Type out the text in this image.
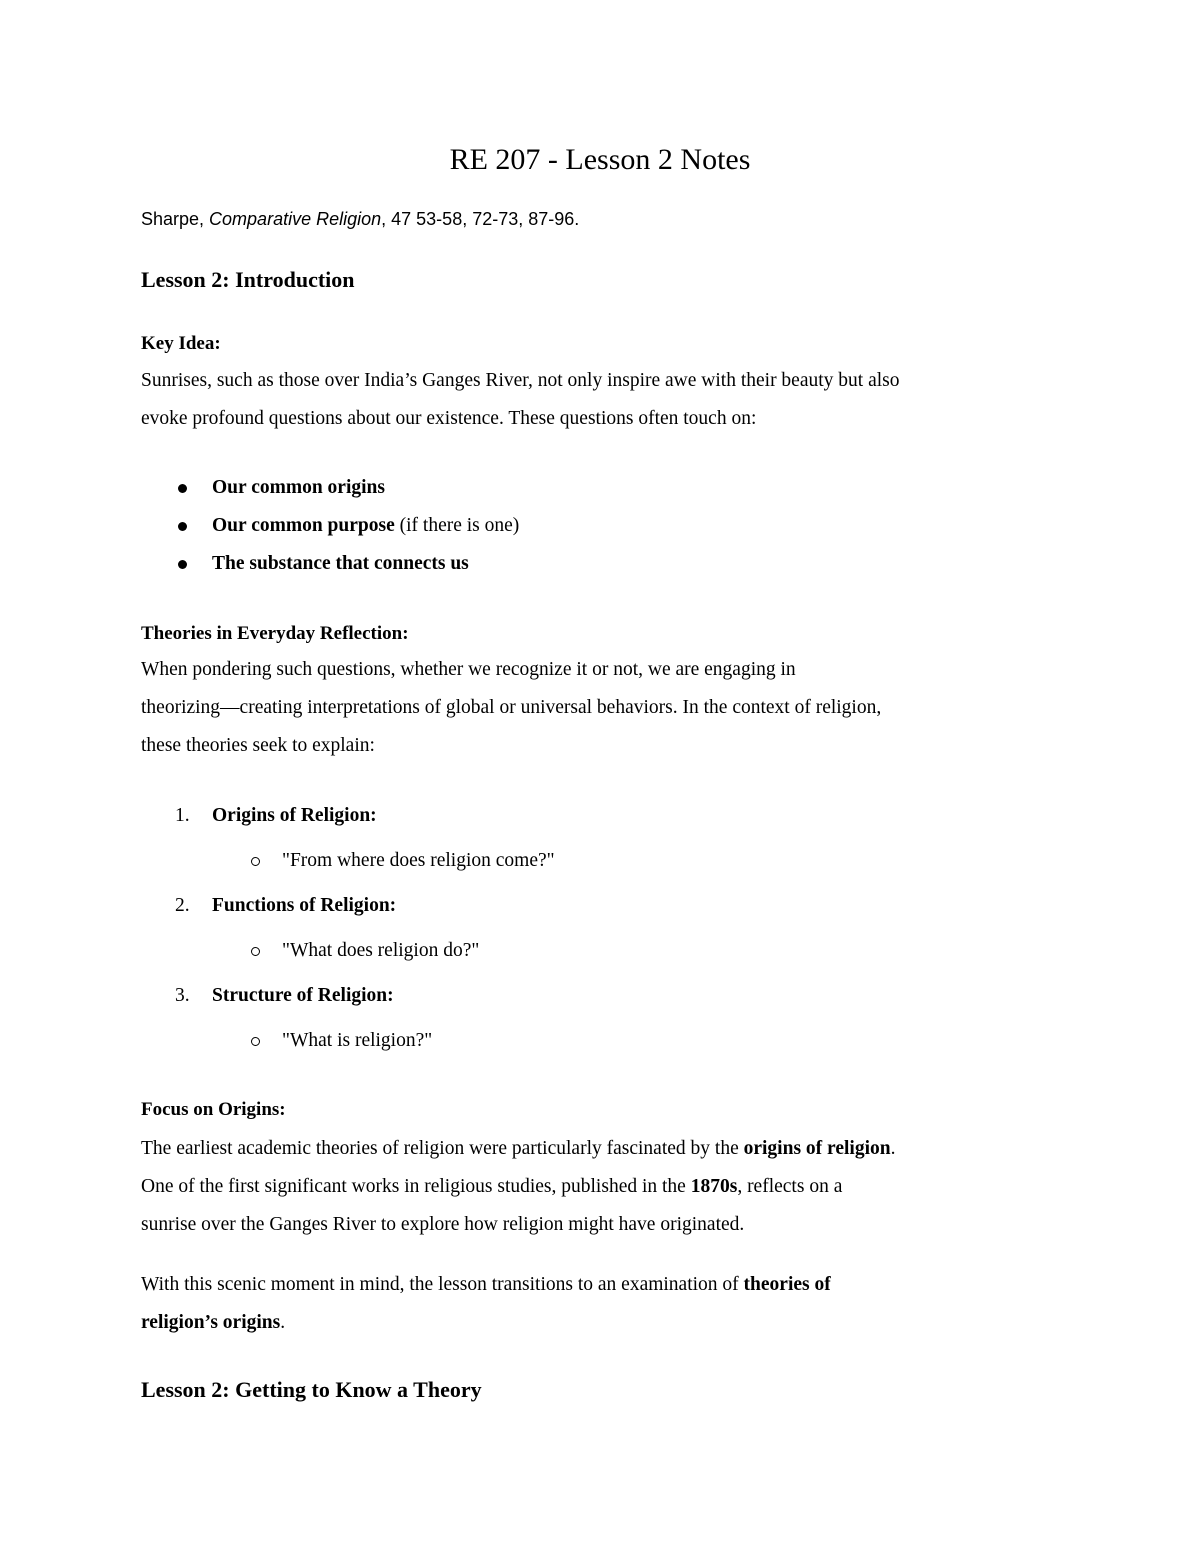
RE 207 - Lesson 2 Notes

Sharpe, Comparative Religion, 47 53-58, 72-73, 87-96.

Lesson 2: Introduction
Key Idea:

Sunrises, such as those over India’s Ganges River, not only inspire awe with their beauty but also
evoke profound questions about our existence. These questions often touch on:

Our common origins
Our common purpose (if there is one)
The substance that connects us
Theories in Everyday Reflection:

When pondering such questions, whether we recognize it or not, we are engaging in
theorizing—creating interpretations of global or universal behaviors. In the context of religion,
these theories seek to explain:

1. Origins of Religion:
"From where does religion come?"
2. Functions of Religion:
"What does religion do?"
3. Structure of Religion:
"What is religion?"
Focus on Origins:

The earliest academic theories of religion were particularly fascinated by the origins of religion.
One of the first significant works in religious studies, published in the 1870s, reflects on a
sunrise over the Ganges River to explore how religion might have originated.

With this scenic moment in mind, the lesson transitions to an examination of theories of
religion’s origins.

Lesson 2: Getting to Know a Theory
